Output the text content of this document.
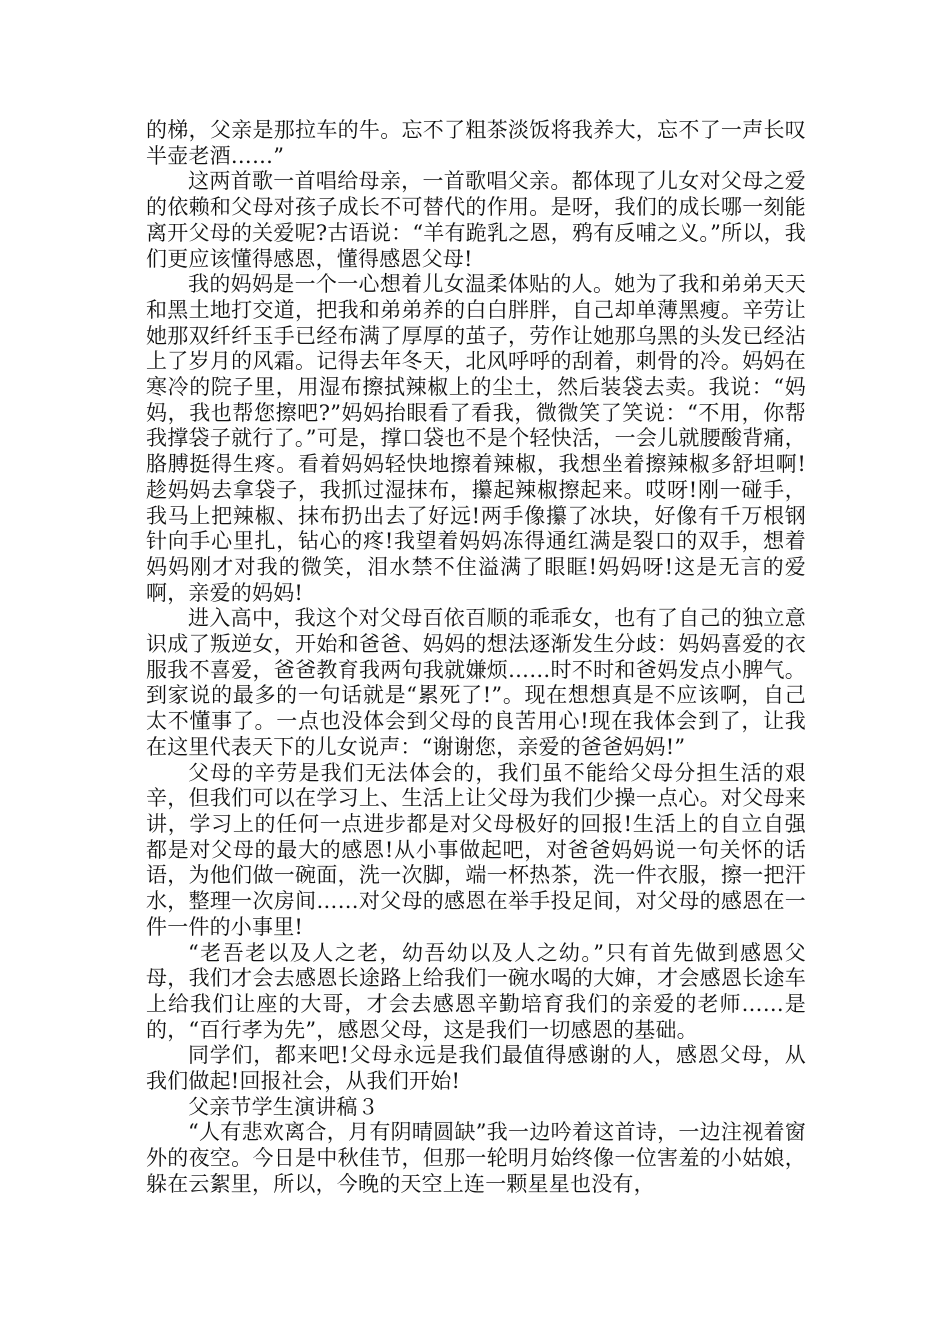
的梯，父亲是那拉车的牛。忘不了粗茶淡饭将我养大，忘不了一声长叹半壶老酒……”

这两首歌一首唱给母亲，一首歌唱父亲。都体现了儿女对父母之爱的依赖和父母对孩子成长不可替代的作用。是呀，我们的成长哪一刻能离开父母的关爱呢?古语说：“羊有跪乳之恩，鸦有反哺之义。”所以，我们更应该懂得感恩，懂得感恩父母!

我的妈妈是一个一心想着儿女温柔体贴的人。她为了我和弟弟天天和黑土地打交道，把我和弟弟养的白白胖胖，自己却单薄黑瘦。辛劳让她那双纤纤玉手已经布满了厚厚的茧子，劳作让她那乌黑的头发已经沾上了岁月的风霜。记得去年冬天，北风呼呼的刮着，刺骨的冷。妈妈在寒冷的院子里，用湿布擦拭辣椒上的尘土，然后装袋去卖。我说：“妈妈，我也帮您擦吧?”妈妈抬眼看了看我，微微笑了笑说：“不用，你帮我撑袋子就行了。”可是，撑口袋也不是个轻快活，一会儿就腰酸背痛，胳膊挺得生疼。看着妈妈轻快地擦着辣椒，我想坐着擦辣椒多舒坦啊!趁妈妈去拿袋子，我抓过湿抹布，攥起辣椒擦起来。哎呀!刚一碰手，我马上把辣椒、抹布扔出去了好远!两手像攥了冰块，好像有千万根钢针向手心里扎，钻心的疼!我望着妈妈冻得通红满是裂口的双手，想着妈妈刚才对我的微笑，泪水禁不住溢满了眼眶!妈妈呀!这是无言的爱啊，亲爱的妈妈!

进入高中，我这个对父母百依百顺的乖乖女，也有了自己的独立意识成了叛逆女，开始和爸爸、妈妈的想法逐渐发生分歧：妈妈喜爱的衣服我不喜爱，爸爸教育我两句我就嫌烦……时不时和爸妈发点小脾气。到家说的最多的一句话就是“累死了!”。现在想想真是不应该啊，自己太不懂事了。一点也没体会到父母的良苦用心!现在我体会到了，让我在这里代表天下的儿女说声：“谢谢您，亲爱的爸爸妈妈!”

父母的辛劳是我们无法体会的，我们虽不能给父母分担生活的艰辛，但我们可以在学习上、生活上让父母为我们少操一点心。对父母来讲，学习上的任何一点进步都是对父母极好的回报!生活上的自立自强都是对父母的最大的感恩!从小事做起吧，对爸爸妈妈说一句关怀的话语，为他们做一碗面，洗一次脚，端一杯热茶，洗一件衣服，擦一把汗水，整理一次房间……对父母的感恩在举手投足间，对父母的感恩在一件一件的小事里!

“老吾老以及人之老，幼吾幼以及人之幼。”只有首先做到感恩父母，我们才会去感恩长途路上给我们一碗水喝的大婶，才会感恩长途车上给我们让座的大哥，才会去感恩辛勤培育我们的亲爱的老师……是的，“百行孝为先”，感恩父母，这是我们一切感恩的基础。

同学们，都来吧!父母永远是我们最值得感谢的人，感恩父母，从我们做起!回报社会，从我们开始!

父亲节学生演讲稿３

“人有悲欢离合，月有阴晴圆缺”我一边吟着这首诗，一边注视着窗外的夜空。今日是中秋佳节，但那一轮明月始终像一位害羞的小姑娘，躲在云絮里，所以，今晚的天空上连一颗星星也没有，
